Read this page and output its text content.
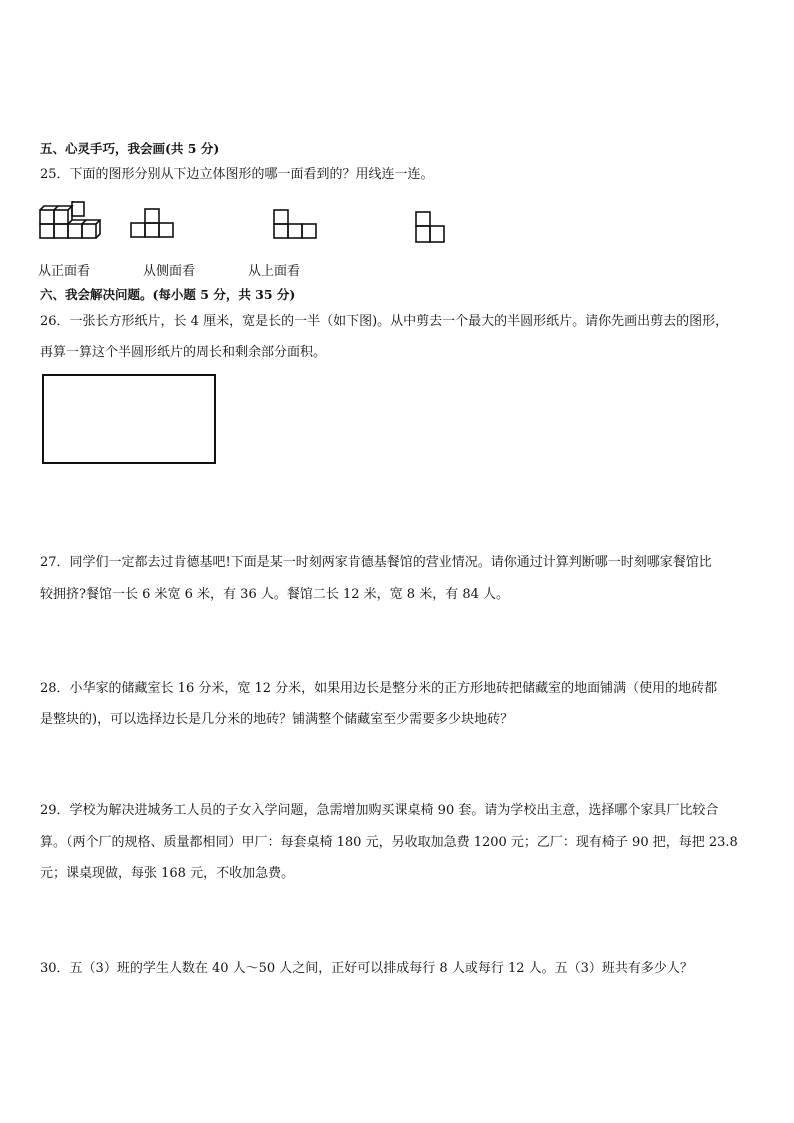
五、心灵手巧，我会画(共 5 分)
25．下面的图形分别从下边立体图形的哪一面看到的？用线连一连。
从正面看	从侧面看	从上面看
六、我会解决问题。(每小题 5 分，共 35 分)
26．一张长方形纸片，长 4 厘米，宽是长的一半（如下图)。从中剪去一个最大的半圆形纸片。请你先画出剪去的图形，
再算一算这个半圆形纸片的周长和剩余部分面积。
27．同学们一定都去过肯德基吧!下面是某一时刻两家肯德基餐馆的营业情况。请你通过计算判断哪一时刻哪家餐馆比
较拥挤?餐馆一长 6 米宽 6 米，有 36 人。餐馆二长 12 米，宽 8 米，有 84 人。
28．小华家的储藏室长 16 分米，宽 12 分米，如果用边长是整分米的正方形地砖把储藏室的地面铺满（使用的地砖都
是整块的)，可以选择边长是几分米的地砖？铺满整个储藏室至少需要多少块地砖？
29．学校为解决进城务工人员的子女入学问题，急需增加购买课桌椅 90 套。请为学校出主意，选择哪个家具厂比较合
算。（两个厂的规格、质量都相同）甲厂：每套桌椅 180 元，另收取加急费 1200 元；乙厂：现有椅子 90 把，每把 23.8
元；课桌现做，每张 168 元，不收加急费。
30．五（3）班的学生人数在 40 人～50 人之间，正好可以排成每行 8 人或每行 12 人。五（3）班共有多少人？
